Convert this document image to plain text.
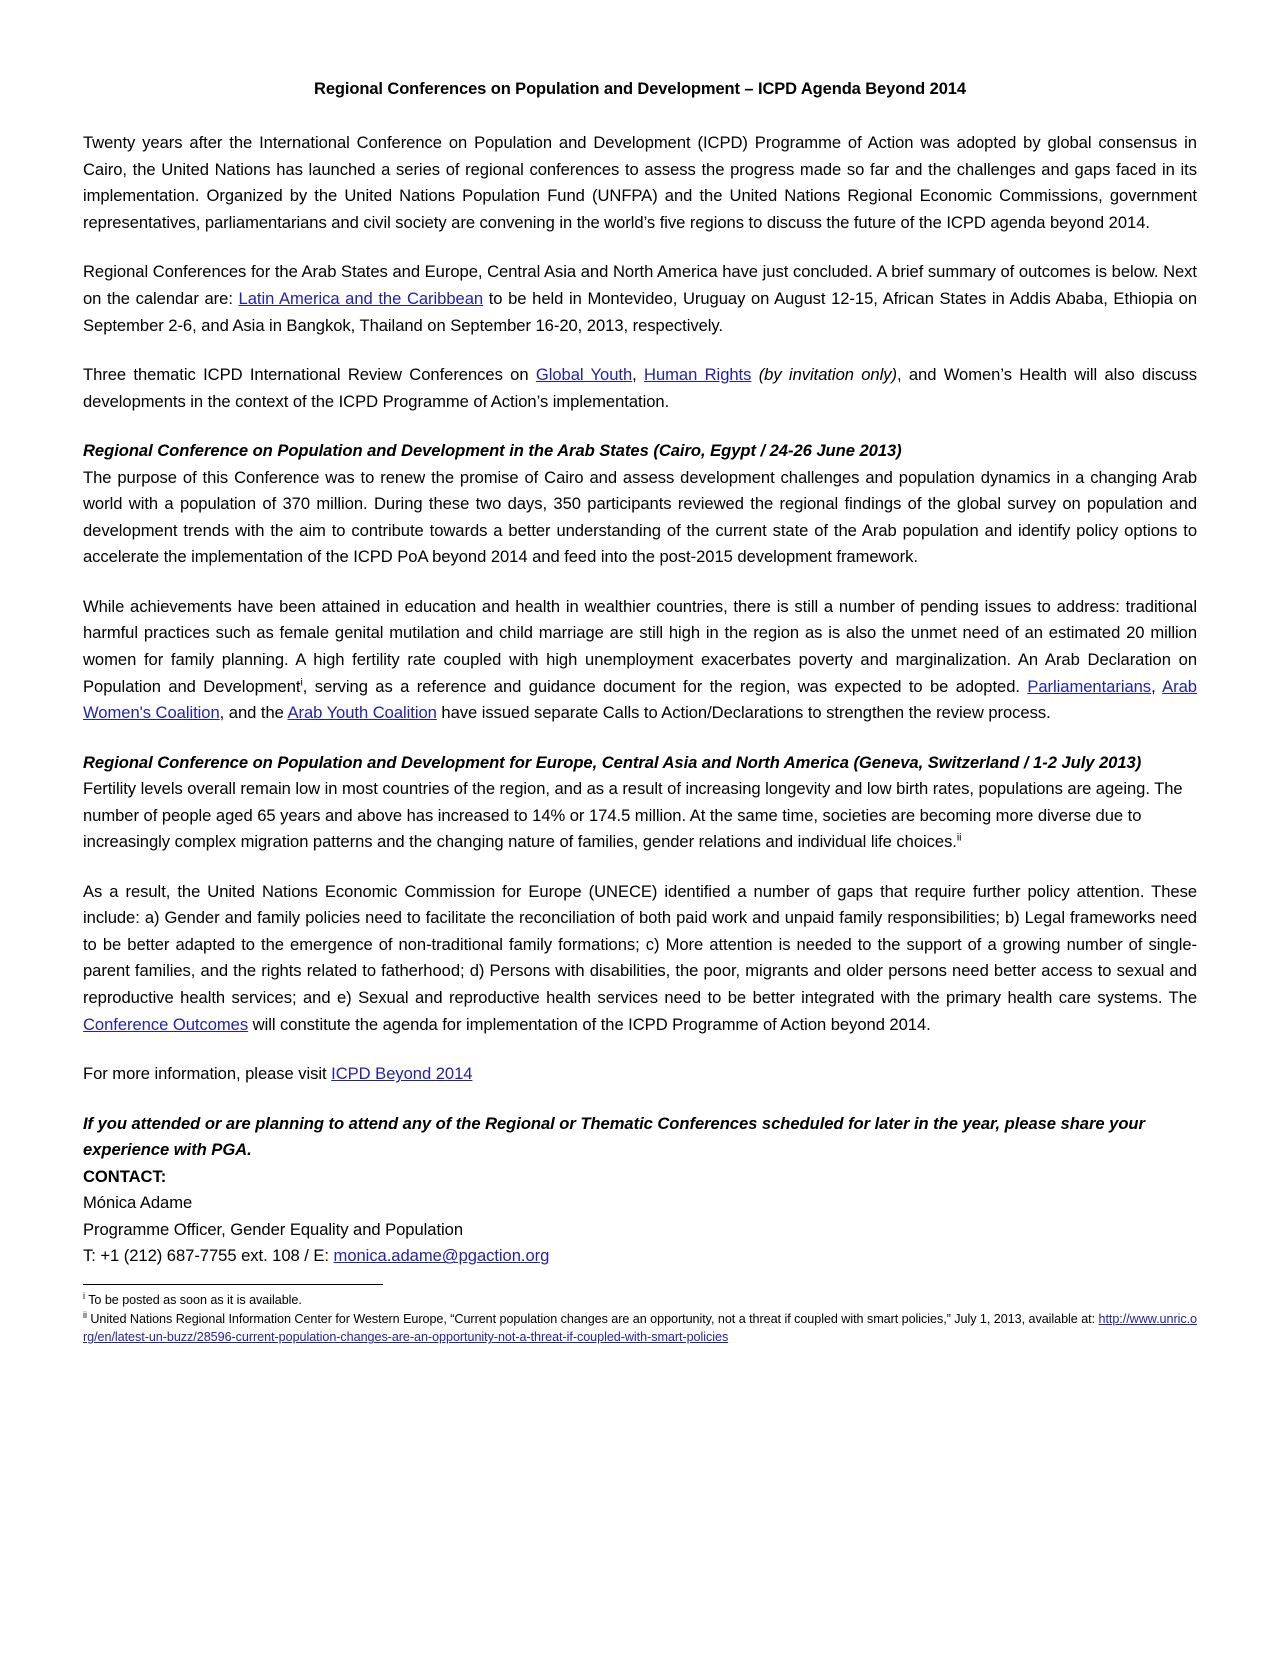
Regional Conferences on Population and Development – ICPD Agenda Beyond 2014

Twenty years after the International Conference on Population and Development (ICPD) Programme of Action was adopted by global consensus in Cairo, the United Nations has launched a series of regional conferences to assess the progress made so far and the challenges and gaps faced in its implementation. Organized by the United Nations Population Fund (UNFPA) and the United Nations Regional Economic Commissions, government representatives, parliamentarians and civil society are convening in the world’s five regions to discuss the future of the ICPD agenda beyond 2014.

Regional Conferences for the Arab States and Europe, Central Asia and North America have just concluded. A brief summary of outcomes is below. Next on the calendar are: Latin America and the Caribbean to be held in Montevideo, Uruguay on August 12-15, African States in Addis Ababa, Ethiopia on September 2-6, and Asia in Bangkok, Thailand on September 16-20, 2013, respectively.

Three thematic ICPD International Review Conferences on Global Youth, Human Rights (by invitation only), and Women’s Health will also discuss developments in the context of the ICPD Programme of Action’s implementation.

Regional Conference on Population and Development in the Arab States (Cairo, Egypt / 24-26 June 2013)

The purpose of this Conference was to renew the promise of Cairo and assess development challenges and population dynamics in a changing Arab world with a population of 370 million. During these two days, 350 participants reviewed the regional findings of the global survey on population and development trends with the aim to contribute towards a better understanding of the current state of the Arab population and identify policy options to accelerate the implementation of the ICPD PoA beyond 2014 and feed into the post-2015 development framework.

While achievements have been attained in education and health in wealthier countries, there is still a number of pending issues to address: traditional harmful practices such as female genital mutilation and child marriage are still high in the region as is also the unmet need of an estimated 20 million women for family planning. A high fertility rate coupled with high unemployment exacerbates poverty and marginalization. An Arab Declaration on Population and Development$^i$, serving as a reference and guidance document for the region, was expected to be adopted. Parliamentarians, Arab Women's Coalition, and the Arab Youth Coalition have issued separate Calls to Action/Declarations to strengthen the review process.

Regional Conference on Population and Development for Europe, Central Asia and North America (Geneva, Switzerland / 1-2 July 2013)

Fertility levels overall remain low in most countries of the region, and as a result of increasing longevity and low birth rates, populations are ageing. The number of people aged 65 years and above has increased to 14% or 174.5 million. At the same time, societies are becoming more diverse due to increasingly complex migration patterns and the changing nature of families, gender relations and individual life choices.$^{ii}$

As a result, the United Nations Economic Commission for Europe (UNECE) identified a number of gaps that require further policy attention. These include: a) Gender and family policies need to facilitate the reconciliation of both paid work and unpaid family responsibilities; b) Legal frameworks need to be better adapted to the emergence of non-traditional family formations; c) More attention is needed to the support of a growing number of single-parent families, and the rights related to fatherhood; d) Persons with disabilities, the poor, migrants and older persons need better access to sexual and reproductive health services; and e) Sexual and reproductive health services need to be better integrated with the primary health care systems. The Conference Outcomes will constitute the agenda for implementation of the ICPD Programme of Action beyond 2014.

For more information, please visit ICPD Beyond 2014

If you attended or are planning to attend any of the Regional or Thematic Conferences scheduled for later in the year, please share your experience with PGA.
CONTACT:
Mónica Adame
Programme Officer, Gender Equality and Population
T: +1 (212) 687-7755 ext. 108 / E: monica.adame@pgaction.org

$^i$ To be posted as soon as it is available.

$^{ii}$ United Nations Regional Information Center for Western Europe, “Current population changes are an opportunity, not a threat if coupled with smart policies,” July 1, 2013, available at: http://www.unric.org/en/latest-un-buzz/28596-current-population-changes-are-an-opportunity-not-a-threat-if-coupled-with-smart-policies
